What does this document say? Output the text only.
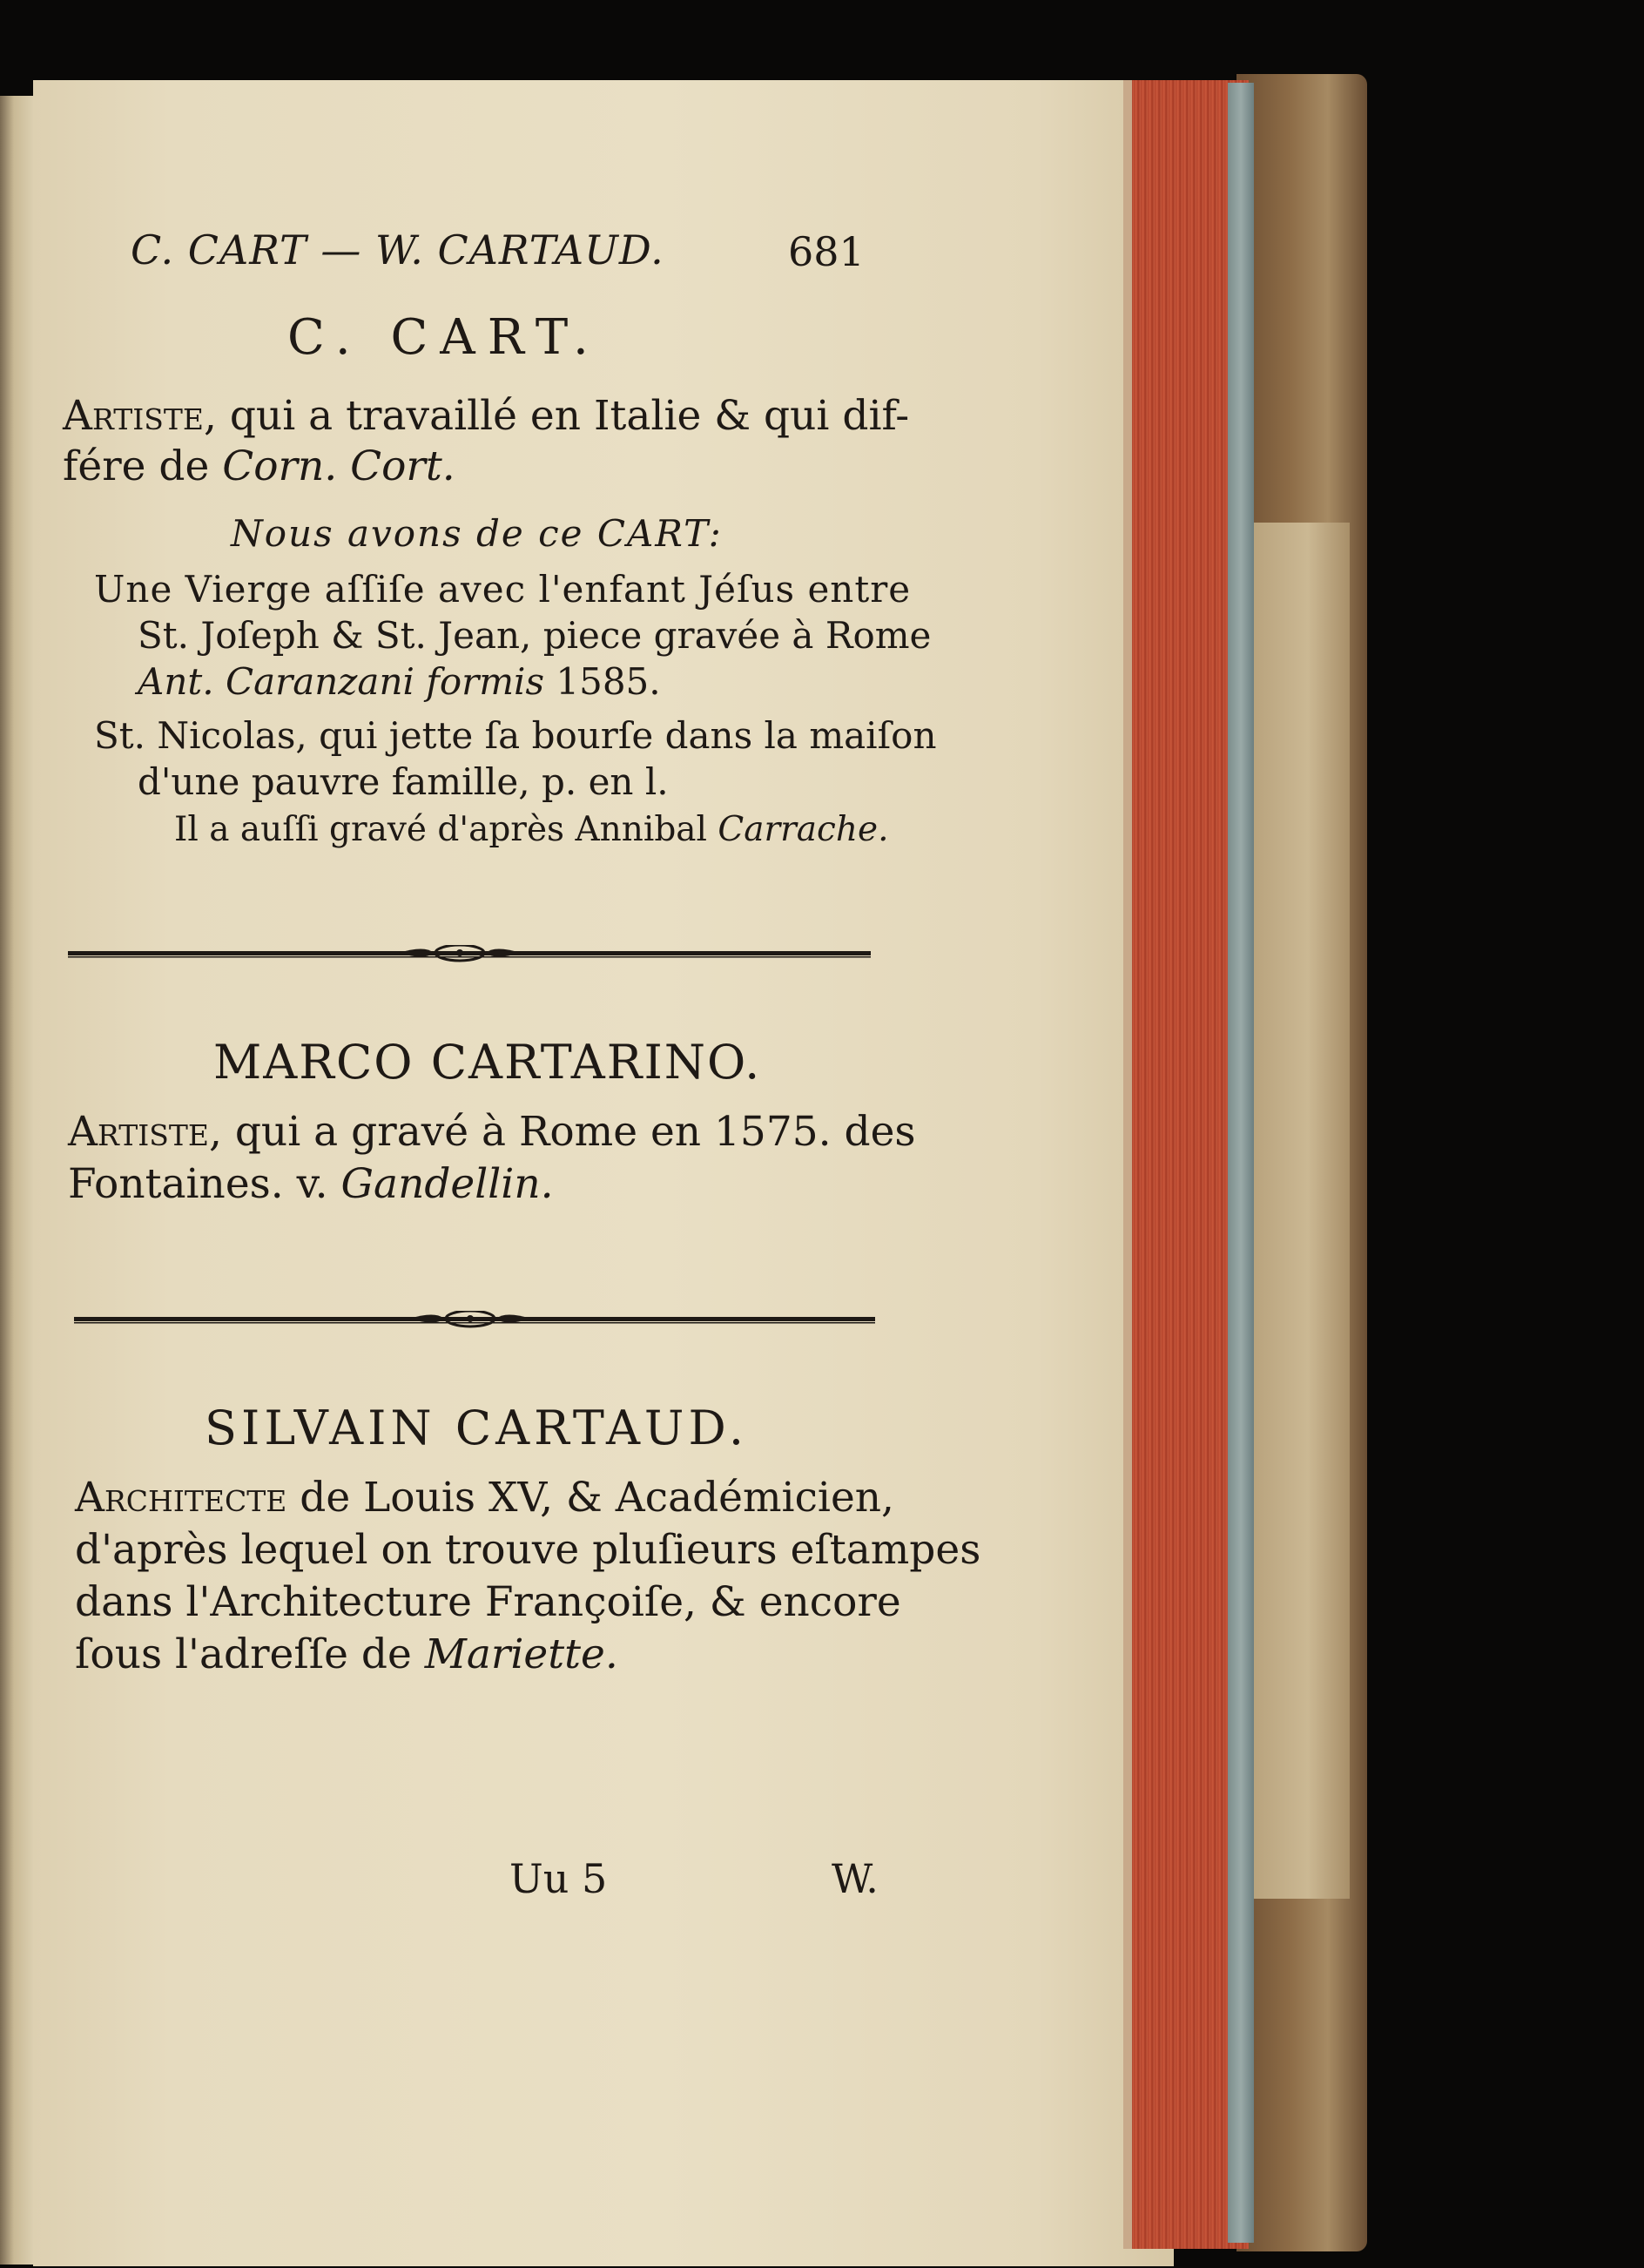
C. CART — W. CARTAUD.	681
C. CART.
Artiste, qui a travaillé en Italie & qui dif-
fére de Corn. Cort.
Nous avons de ce CART:
Une Vierge aſſiſe avec l'enfant Jéſus entre
St. Joſeph & St. Jean, piece gravée à Rome
Ant. Caranzani formis 1585.
St. Nicolas, qui jette ſa bourſe dans la maiſon
d'une pauvre famille, p. en l.
Il a auſſi gravé d'après Annibal Carrache.
MARCO CARTARINO.
Artiste, qui a gravé à Rome en 1575. des
Fontaines. v. Gandellin.
SILVAIN CARTAUD.
Architecte de Louis XV, & Académicien,
d'après lequel on trouve pluſieurs eſtampes
dans l'Architecture Françoiſe, & encore
ſous l'adreſſe de Mariette.
Uu 5	W.
